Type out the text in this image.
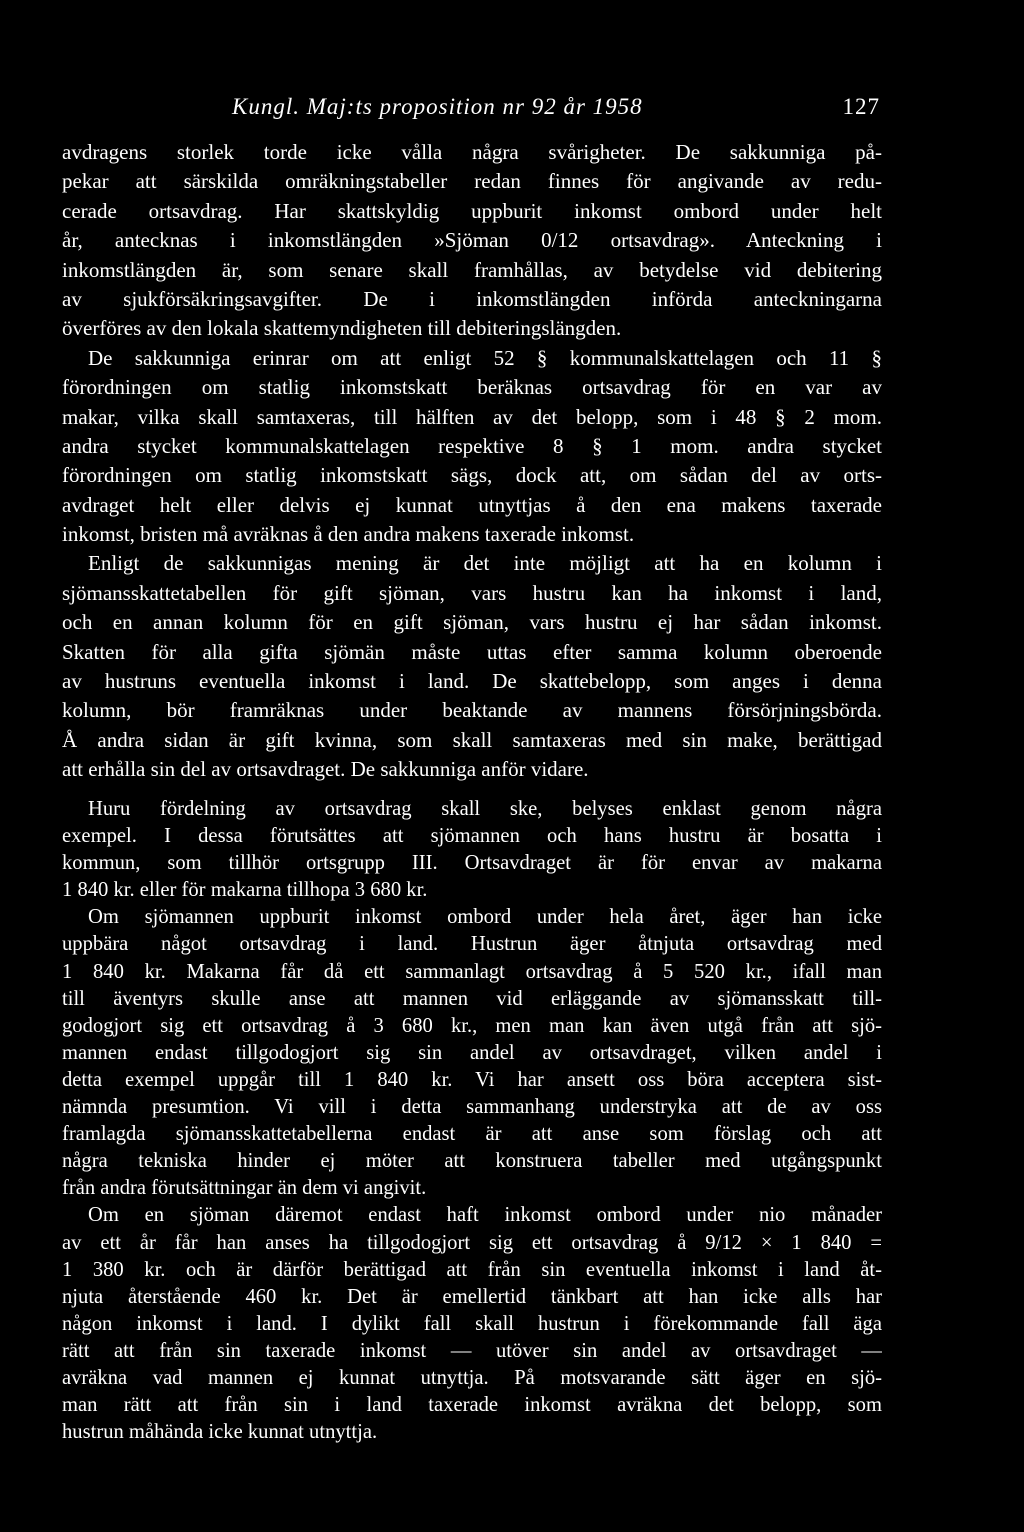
Kungl. Maj:ts proposition nr 92 år 1958	127
avdragens storlek torde icke vålla några svårigheter. De sakkunniga på-
pekar att särskilda omräkningstabeller redan finnes för angivande av redu-
cerade ortsavdrag. Har skattskyldig uppburit inkomst ombord under helt
år, antecknas i inkomstlängden »Sjöman 0/12 ortsavdrag». Anteckning i
inkomstlängden är, som senare skall framhållas, av betydelse vid debitering
av sjukförsäkringsavgifter. De i inkomstlängden införda anteckningarna
överföres av den lokala skattemyndigheten till debiteringslängden.
De sakkunniga erinrar om att enligt 52 § kommunalskattelagen och 11 §
förordningen om statlig inkomstskatt beräknas ortsavdrag för en var av
makar, vilka skall samtaxeras, till hälften av det belopp, som i 48 § 2 mom.
andra stycket kommunalskattelagen respektive 8 § 1 mom. andra stycket
förordningen om statlig inkomstskatt sägs, dock att, om sådan del av orts-
avdraget helt eller delvis ej kunnat utnyttjas å den ena makens taxerade
inkomst, bristen må avräknas å den andra makens taxerade inkomst.
Enligt de sakkunnigas mening är det inte möjligt att ha en kolumn i
sjömansskattetabellen för gift sjöman, vars hustru kan ha inkomst i land,
och en annan kolumn för en gift sjöman, vars hustru ej har sådan inkomst.
Skatten för alla gifta sjömän måste uttas efter samma kolumn oberoende
av hustruns eventuella inkomst i land. De skattebelopp, som anges i denna
kolumn, bör framräknas under beaktande av mannens försörjningsbörda.
Å andra sidan är gift kvinna, som skall samtaxeras med sin make, berättigad
att erhålla sin del av ortsavdraget. De sakkunniga anför vidare.
Huru fördelning av ortsavdrag skall ske, belyses enklast genom några
exempel. I dessa förutsättes att sjömannen och hans hustru är bosatta i
kommun, som tillhör ortsgrupp III. Ortsavdraget är för envar av makarna
1 840 kr. eller för makarna tillhopa 3 680 kr.
Om sjömannen uppburit inkomst ombord under hela året, äger han icke
uppbära något ortsavdrag i land. Hustrun äger åtnjuta ortsavdrag med
1 840 kr. Makarna får då ett sammanlagt ortsavdrag å 5 520 kr., ifall man
till äventyrs skulle anse att mannen vid erläggande av sjömansskatt till-
godogjort sig ett ortsavdrag å 3 680 kr., men man kan även utgå från att sjö-
mannen endast tillgodogjort sig sin andel av ortsavdraget, vilken andel i
detta exempel uppgår till 1 840 kr. Vi har ansett oss böra acceptera sist-
nämnda presumtion. Vi vill i detta sammanhang understryka att de av oss
framlagda sjömansskattetabellerna endast är att anse som förslag och att
några tekniska hinder ej möter att konstruera tabeller med utgångspunkt
från andra förutsättningar än dem vi angivit.
Om en sjöman däremot endast haft inkomst ombord under nio månader
av ett år får han anses ha tillgodogjort sig ett ortsavdrag å 9/12 × 1 840 =
1 380 kr. och är därför berättigad att från sin eventuella inkomst i land åt-
njuta återstående 460 kr. Det är emellertid tänkbart att han icke alls har
någon inkomst i land. I dylikt fall skall hustrun i förekommande fall äga
rätt att från sin taxerade inkomst — utöver sin andel av ortsavdraget —
avräkna vad mannen ej kunnat utnyttja. På motsvarande sätt äger en sjö-
man rätt att från sin i land taxerade inkomst avräkna det belopp, som
hustrun måhända icke kunnat utnyttja.
